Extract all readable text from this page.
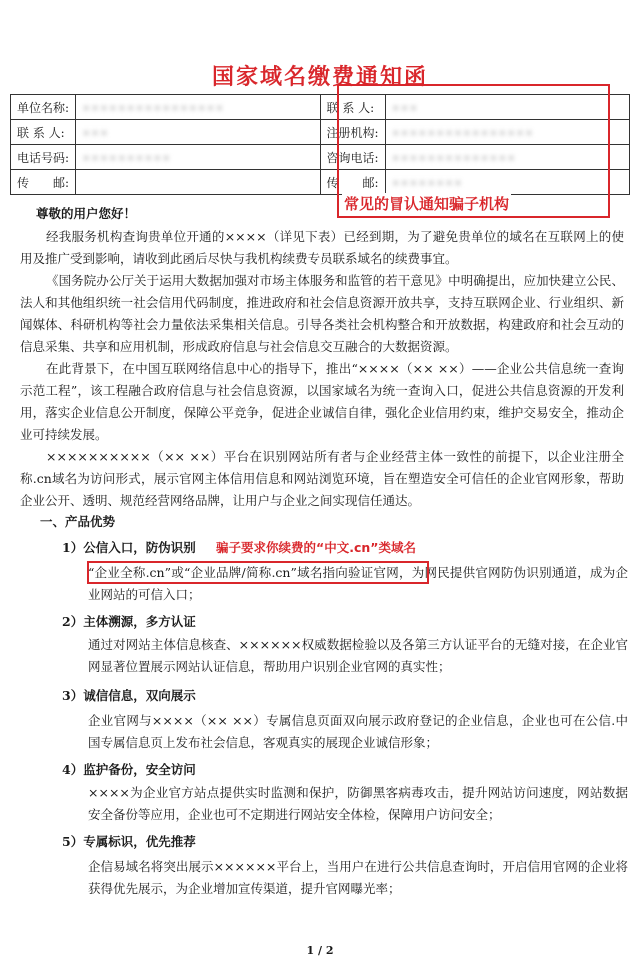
国家域名缴费通知函
单位名称:	××××××××××××××××	联 系 人:	×××
联 系 人:	×××	注册机构:	××××××××××××××××
电话号码:	××××××××××	咨询电话:	××××××××××××××
传　　邮:		传　　邮:	××××××××
常见的冒认通知骗子机构
尊敬的用户您好！
经我服务机构查询贵单位开通的××××（详见下表）已经到期，为了避免贵单位的域名在互联网上的使用及推广受到影响，请收到此函后尽快与我机构续费专员联系域名的续费事宜。
《国务院办公厅关于运用大数据加强对市场主体服务和监管的若干意见》中明确提出，应加快建立公民、法人和其他组织统一社会信用代码制度，推进政府和社会信息资源开放共享，支持互联网企业、行业组织、新闻媒体、科研机构等社会力量依法采集相关信息。引导各类社会机构整合和开放数据，构建政府和社会互动的信息采集、共享和应用机制，形成政府信息与社会信息交互融合的大数据资源。
在此背景下，在中国互联网络信息中心的指导下，推出“××××（×× ××）——企业公共信息统一查询示范工程”，该工程融合政府信息与社会信息资源，以国家域名为统一查询入口，促进公共信息资源的开发利用，落实企业信息公开制度，保障公平竞争，促进企业诚信自律，强化企业信用约束，维护交易安全，推动企业可持续发展。
××××××××××（×× ××）平台在识别网站所有者与企业经营主体一致性的前提下，以企业注册全称.cn域名为访问形式，展示官网主体信用信息和网站浏览环境，旨在塑造安全可信任的企业官网形象，帮助企业公开、透明、规范经营网络品牌，让用户与企业之间实现信任通达。
一、产品优势
1）公信入口，防伪识别 骗子要求你续费的“中文.cn”类域名
“企业全称.cn”或“企业品牌/简称.cn”域名指向验证官网，为网民提供官网防伪识别通道，成为企业网站的可信入口；
2）主体溯源，多方认证
通过对网站主体信息核查、××××××权威数据检验以及各第三方认证平台的无缝对接，在企业官网显著位置展示网站认证信息，帮助用户识别企业官网的真实性；
3）诚信信息，双向展示
企业官网与××××（×× ××）专属信息页面双向展示政府登记的企业信息，企业也可在公信.中国专属信息页上发布社会信息，客观真实的展现企业诚信形象；
4）监护备份，安全访问
××××为企业官方站点提供实时监测和保护，防御黑客病毒攻击，提升网站访问速度，网站数据安全备份等应用，企业也可不定期进行网站安全体检，保障用户访问安全；
5）专属标识，优先推荐
企信易域名将突出展示××××××平台上，当用户在进行公共信息查询时，开启信用官网的企业将获得优先展示，为企业增加宣传渠道，提升官网曝光率；
1 / 2
